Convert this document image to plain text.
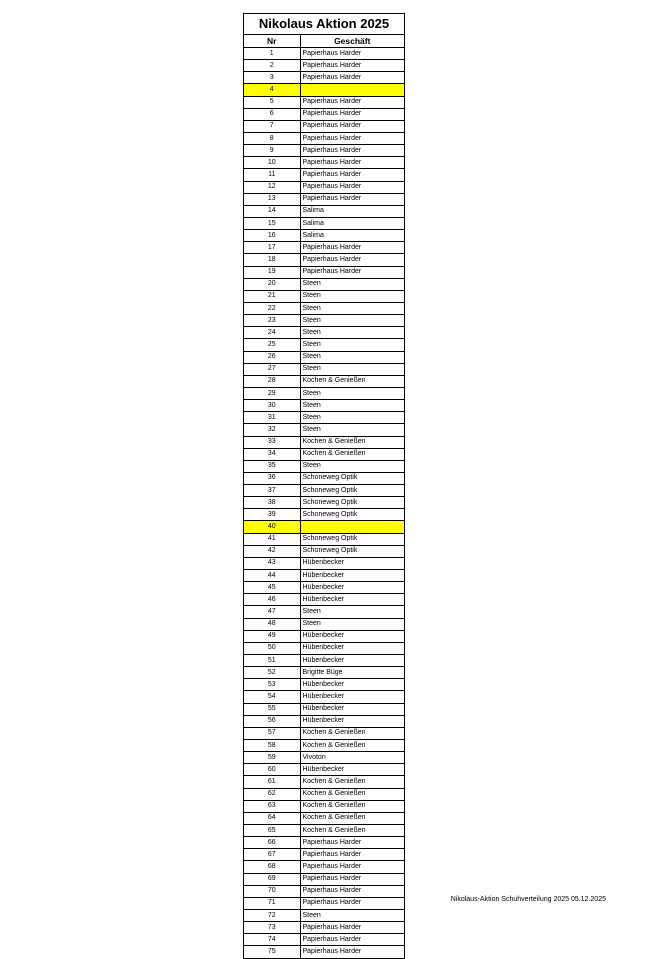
Nikolaus Aktion 2025
Nr	Geschäft
1	Papierhaus Harder
2	Papierhaus Harder
3	Papierhaus Harder
4	
5	Papierhaus Harder
6	Papierhaus Harder
7	Papierhaus Harder
8	Papierhaus Harder
9	Papierhaus Harder
10	Papierhaus Harder
11	Papierhaus Harder
12	Papierhaus Harder
13	Papierhaus Harder
14	Salima
15	Salima
16	Salima
17	Papierhaus Harder
18	Papierhaus Harder
19	Papierhaus Harder
20	Steen
21	Steen
22	Steen
23	Steen
24	Steen
25	Steen
26	Steen
27	Steen
28	Kochen & Genießen
29	Steen
30	Steen
31	Steen
32	Steen
33	Kochen & Genießen
34	Kochen & Genießen
35	Steen
36	Schoneweg Optik
37	Schoneweg Optik
38	Schoneweg Optik
39	Schoneweg Optik
40	
41	Schoneweg Optik
42	Schoneweg Optik
43	Hübenbecker
44	Hübenbecker
45	Hübenbecker
46	Hübenbecker
47	Steen
48	Steen
49	Hübenbecker
50	Hübenbecker
51	Hübenbecker
52	Brigitte Büge
53	Hübenbecker
54	Hübenbecker
55	Hübenbecker
56	Hübenbecker
57	Kochen & Genießen
58	Kochen & Genießen
59	Vivoton
60	Hübenbecker
61	Kochen & Genießen
62	Kochen & Genießen
63	Kochen & Genießen
64	Kochen & Genießen
65	Kochen & Genießen
66	Papierhaus Harder
67	Papierhaus Harder
68	Papierhaus Harder
69	Papierhaus Harder
70	Papierhaus Harder
71	Papierhaus Harder
72	Steen
73	Papierhaus Harder
74	Papierhaus Harder
75	Papierhaus Harder
Nikolaus-Aktion Schuhverteilung 2025 05.12.2025
